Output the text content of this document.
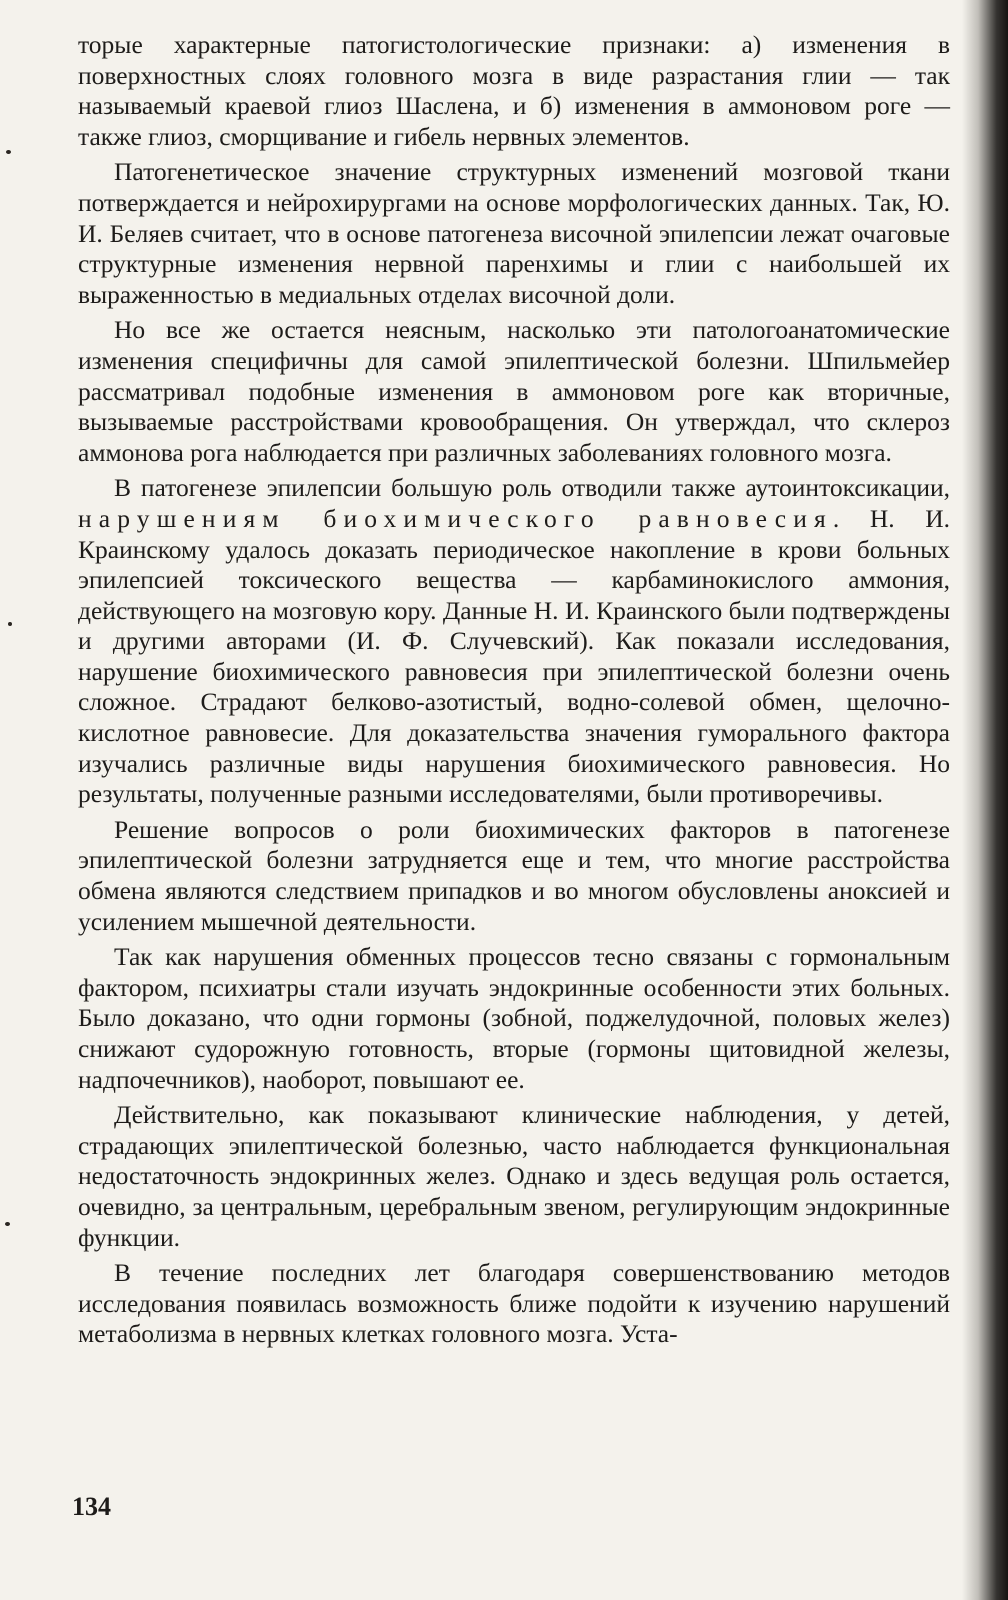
торые характерные патогистологические признаки: а) изменения в поверхностных слоях головного мозга в виде разрастания глии — так называемый краевой глиоз Шаслена, и б) изменения в аммоновом роге — также глиоз, сморщивание и гибель нервных элементов.

Патогенетическое значение структурных изменений мозговой ткани потверждается и нейрохирургами на основе морфологических данных. Так, Ю. И. Беляев считает, что в основе патогенеза височной эпилепсии лежат очаговые структурные изменения нервной паренхимы и глии с наибольшей их выраженностью в медиальных отделах височной доли.

Но все же остается неясным, насколько эти патологоанатомические изменения специфичны для самой эпилептической болезни. Шпильмейер рассматривал подобные изменения в аммоновом роге как вторичные, вызываемые расстройствами кровообращения. Он утверждал, что склероз аммонова рога наблюдается при различных заболеваниях головного мозга.

В патогенезе эпилепсии большую роль отводили также аутоинтоксикации, нарушениям биохимического равновесия. Н. И. Краинскому удалось доказать периодическое накопление в крови больных эпилепсией токсического вещества — карбаминокислого аммония, действующего на мозговую кору. Данные Н. И. Краинского были подтверждены и другими авторами (И. Ф. Случевский). Как показали исследования, нарушение биохимического равновесия при эпилептической болезни очень сложное. Страдают белково-азотистый, водно-солевой обмен, щелочно-кислотное равновесие. Для доказательства значения гуморального фактора изучались различные виды нарушения биохимического равновесия. Но результаты, полученные разными исследователями, были противоречивы.

Решение вопросов о роли биохимических факторов в патогенезе эпилептической болезни затрудняется еще и тем, что многие расстройства обмена являются следствием припадков и во многом обусловлены аноксией и усилением мышечной деятельности.

Так как нарушения обменных процессов тесно связаны с гормональным фактором, психиатры стали изучать эндокринные особенности этих больных. Было доказано, что одни гормоны (зобной, поджелудочной, половых желез) снижают судорожную готовность, вторые (гормоны щитовидной железы, надпочечников), наоборот, повышают ее.

Действительно, как показывают клинические наблюдения, у детей, страдающих эпилептической болезнью, часто наблюдается функциональная недостаточность эндокринных желез. Однако и здесь ведущая роль остается, очевидно, за центральным, церебральным звеном, регулирующим эндокринные функции.

В течение последних лет благодаря совершенствованию методов исследования появилась возможность ближе подойти к изучению нарушений метаболизма в нервных клетках головного мозга. Уста-

134
